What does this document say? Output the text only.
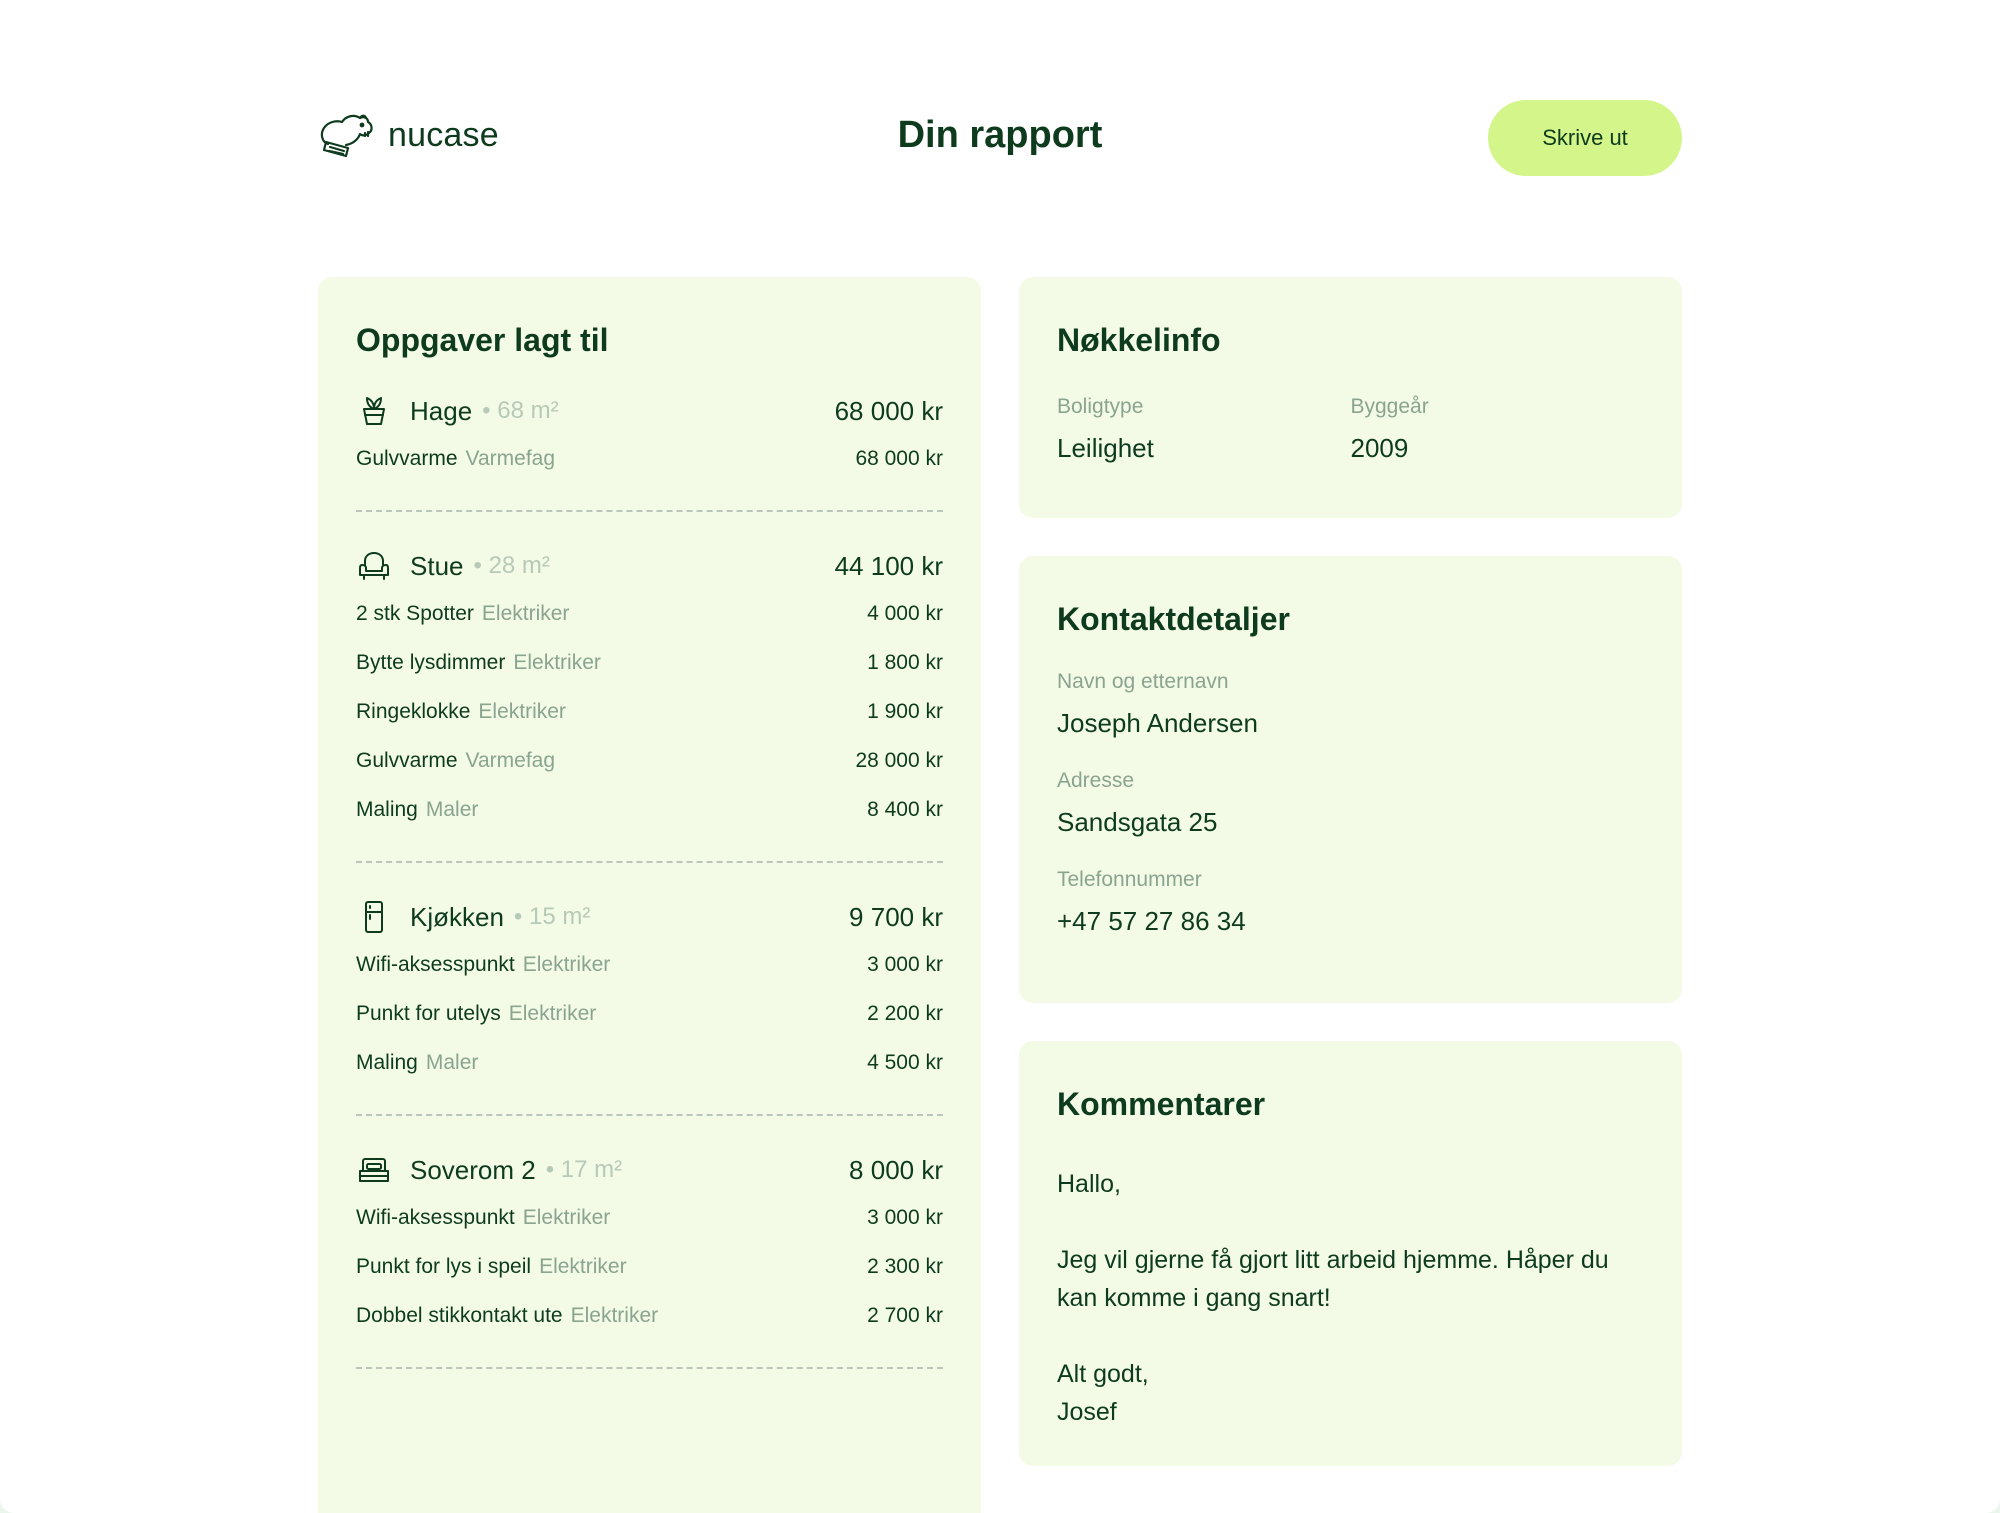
nucase	Din rapport	Skrive ut
Oppgaver lagt til
Hage • 68 m²	68 000 kr
Gulvvarme Varmefag	68 000 kr
Stue • 28 m²	44 100 kr
2 stk Spotter Elektriker	4 000 kr
Bytte lysdimmer Elektriker	1 800 kr
Ringeklokke Elektriker	1 900 kr
Gulvvarme Varmefag	28 000 kr
Maling Maler	8 400 kr
Kjøkken • 15 m²	9 700 kr
Wifi-aksesspunkt Elektriker	3 000 kr
Punkt for utelys Elektriker	2 200 kr
Maling Maler	4 500 kr
Soverom 2 • 17 m²	8 000 kr
Wifi-aksesspunkt Elektriker	3 000 kr
Punkt for lys i speil Elektriker	2 300 kr
Dobbel stikkontakt ute Elektriker	2 700 kr
Nøkkelinfo
Boligtype
Leilighet
Byggeår
2009
Kontaktdetaljer
Navn og etternavn
Joseph Andersen
Adresse
Sandsgata 25
Telefonnummer
+47 57 27 86 34
Kommentarer
Hallo,

Jeg vil gjerne få gjort litt arbeid hjemme. Håper du kan komme i gang snart!

Alt godt,
Josef
